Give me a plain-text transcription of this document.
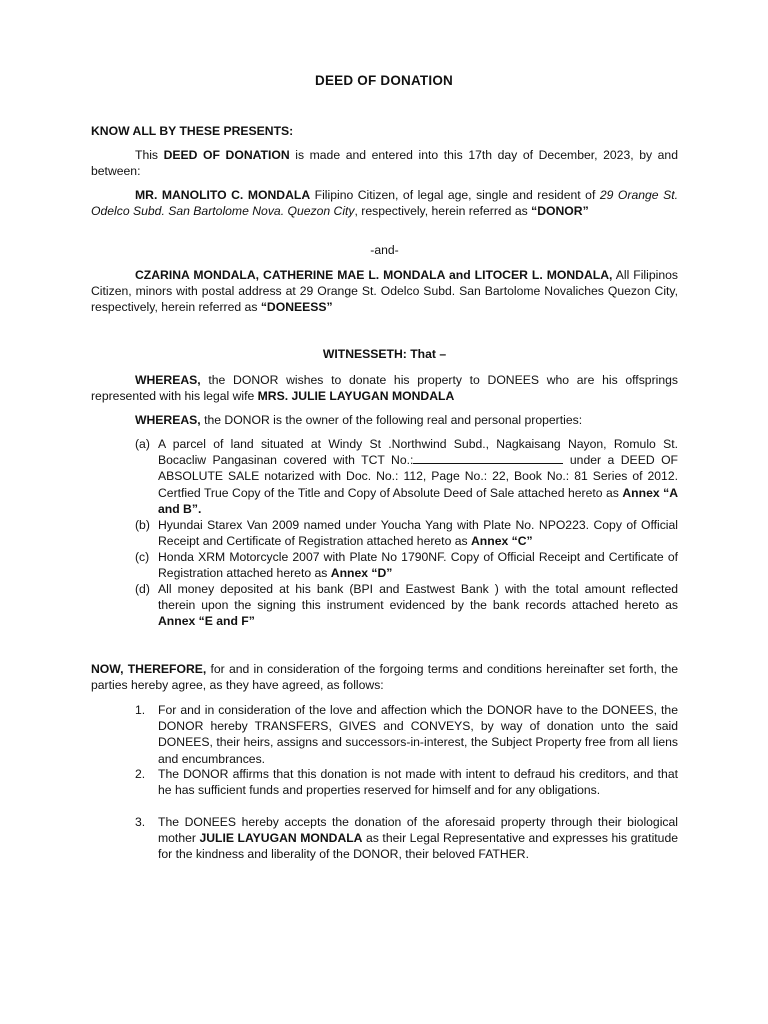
DEED OF DONATION
KNOW ALL BY THESE PRESENTS:

This DEED OF DONATION is made and entered into this 17th day of December, 2023, by and between:

MR. MANOLITO C. MONDALA Filipino Citizen, of legal age, single and resident of 29 Orange St. Odelco Subd. San Bartolome Nova. Quezon City, respectively, herein referred as “DONOR”

-and-

CZARINA MONDALA, CATHERINE MAE L. MONDALA and LITOCER L. MONDALA, All Filipinos Citizen, minors with postal address at 29 Orange St. Odelco Subd. San Bartolome Novaliches Quezon City, respectively, herein referred as “DONEESS”

WITNESSETH: That –

WHEREAS, the DONOR wishes to donate his property to DONEES who are his offsprings represented with his legal wife MRS. JULIE LAYUGAN MONDALA

WHEREAS, the DONOR is the owner of the following real and personal properties:

(a) A parcel of land situated at Windy St .Northwind Subd., Nagkaisang Nayon, Romulo St. Bocacliw Pangasinan covered with TCT No.:	under a DEED OF ABSOLUTE SALE notarized with Doc. No.: 112, Page No.: 22, Book No.: 81 Series of 2012. Certfied True Copy of the Title and Copy of Absolute Deed of Sale attached hereto as Annex “A and B”.
(b) Hyundai Starex Van 2009 named under Youcha Yang with Plate No. NPO223. Copy of Official Receipt and Certificate of Registration attached hereto as Annex “C”
(c) Honda XRM Motorcycle 2007 with Plate No 1790NF. Copy of Official Receipt and Certificate of Registration attached hereto as Annex “D”
(d) All money deposited at his bank (BPI and Eastwest Bank ) with the total amount reflected therein upon the signing this instrument evidenced by the bank records attached hereto as Annex “E and F”

NOW, THEREFORE, for and in consideration of the forgoing terms and conditions hereinafter set forth, the parties hereby agree, as they have agreed, as follows:

1. For and in consideration of the love and affection which the DONOR have to the DONEES, the DONOR hereby TRANSFERS, GIVES and CONVEYS, by way of donation unto the said DONEES, their heirs, assigns and successors-in-interest, the Subject Property free from all liens and encumbrances.
2. The DONOR affirms that this donation is not made with intent to defraud his creditors, and that he has sufficient funds and properties reserved for himself and for any obligations.
3. The DONEES hereby accepts the donation of the aforesaid property through their biological mother JULIE LAYUGAN MONDALA as their Legal Representative and expresses his gratitude for the kindness and liberality of the DONOR, their beloved FATHER.
